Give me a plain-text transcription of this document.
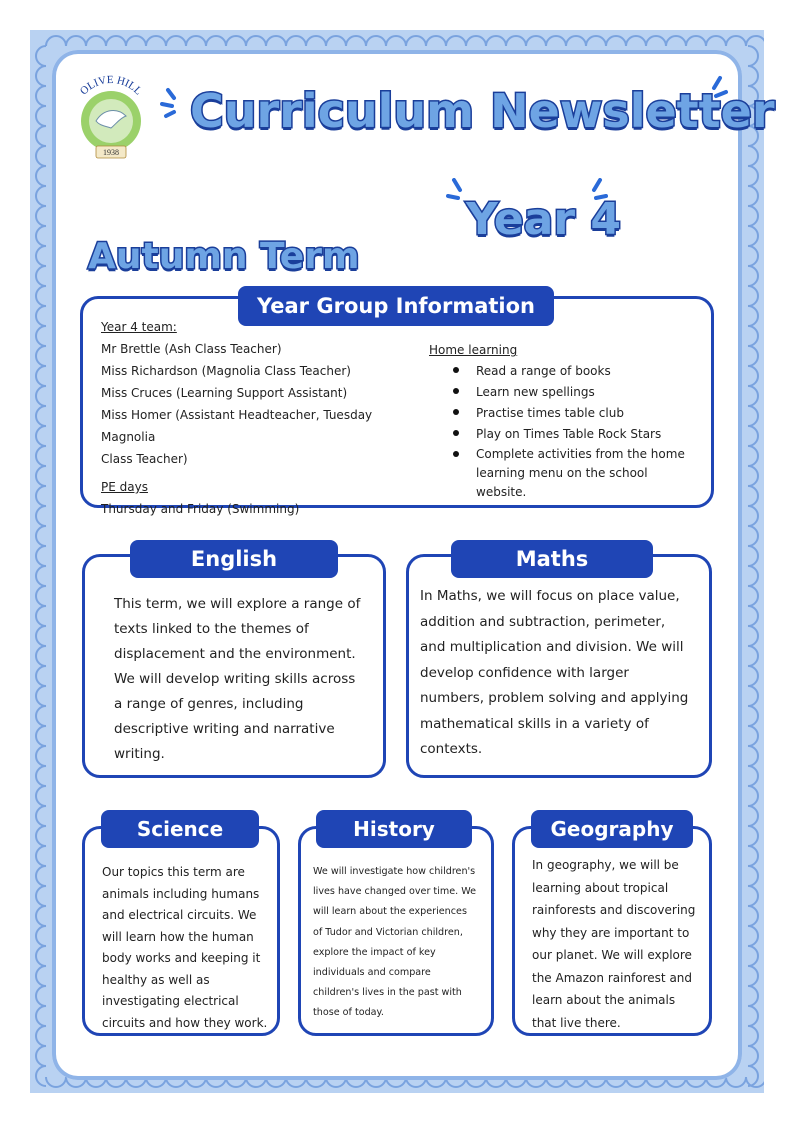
OLIVE HILL
1938
Curriculum Newsletter
Year 4
Autumn Term
Year Group Information
Year 4 team:
Mr Brettle (Ash Class Teacher)
Miss Richardson (Magnolia Class Teacher)
Miss Cruces (Learning Support Assistant)
Miss Homer (Assistant Headteacher, Tuesday Magnolia
Class Teacher)
PE days
Thursday and Friday (Swimming)
Home learning
Read a range of books
Learn new spellings
Practise times table club
Play on Times Table Rock Stars
Complete activities from the home learning menu on the school website.
English

This term, we will explore a range of texts linked to the themes of displacement and the environment. We will develop writing skills across a range of genres, including descriptive writing and narrative writing.

Maths

In Maths, we will focus on place value, addition and subtraction, perimeter, and multiplication and division. We will develop confidence with larger numbers, problem solving and applying mathematical skills in a variety of contexts.

Science

Our topics this term are animals including humans and electrical circuits. We will learn how the human body works and keeping it healthy as well as investigating electrical circuits and how they work.

History

We will investigate how children's lives have changed over time. We will learn about the experiences of Tudor and Victorian children, explore the impact of key individuals and compare children's lives in the past with those of today.

Geography

In geography, we will be learning about tropical rainforests and discovering why they are important to our planet. We will explore the Amazon rainforest and learn about the animals that live there.
